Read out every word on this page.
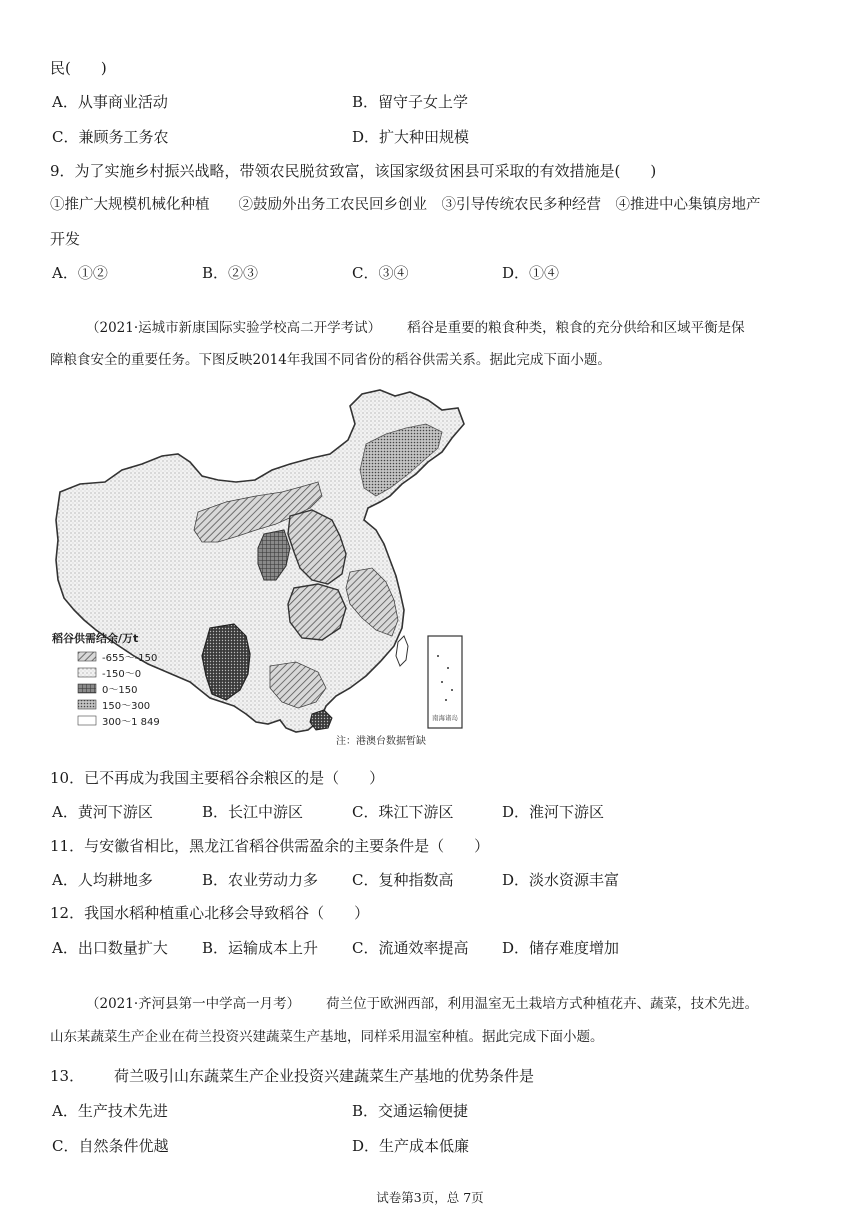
民(　　)
A．从事商业活动	B．留守子女上学
C．兼顾务工务农	D．扩大种田规模
9．为了实施乡村振兴战略，带领农民脱贫致富，该国家级贫困县可采取的有效措施是(　　)
①推广大规模机械化种植　　②鼓励外出务工农民回乡创业　③引导传统农民多种经营　④推进中心集镇房地产
开发
A．①②	B．②③	C．③④	D．①④
（2021·运城市新康国际实验学校高二开学考试） 稻谷是重要的粮食种类，粮食的充分供给和区域平衡是保
障粮食安全的重要任务。下图反映2014年我国不同省份的稻谷供需关系。据此完成下面小题。
南海诸岛
稻谷供需结余/万t
-655～-150
-150～0
0～150
150～300
300～1 849
注：港澳台数据暂缺
10．已不再成为我国主要稻谷余粮区的是（　　）
A．黄河下游区	B．长江中游区	C．珠江下游区	D．淮河下游区
11．与安徽省相比，黑龙江省稻谷供需盈余的主要条件是（　　）
A．人均耕地多	B．农业劳动力多 C．复种指数高	D．淡水资源丰富
12．我国水稻种植重心北移会导致稻谷（　　）
A．出口数量扩大 B．运输成本上升 C．流通效率提高 D．储存难度增加
（2021·齐河县第一中学高一月考） 荷兰位于欧洲西部，利用温室无土栽培方式种植花卉、蔬菜，技术先进。
山东某蔬菜生产企业在荷兰投资兴建蔬菜生产基地，同样采用温室种植。据此完成下面小题。
13． 荷兰吸引山东蔬菜生产企业投资兴建蔬菜生产基地的优势条件是
A．生产技术先进	B．交通运输便捷
C．自然条件优越	D．生产成本低廉
试卷第3页，总 7页
